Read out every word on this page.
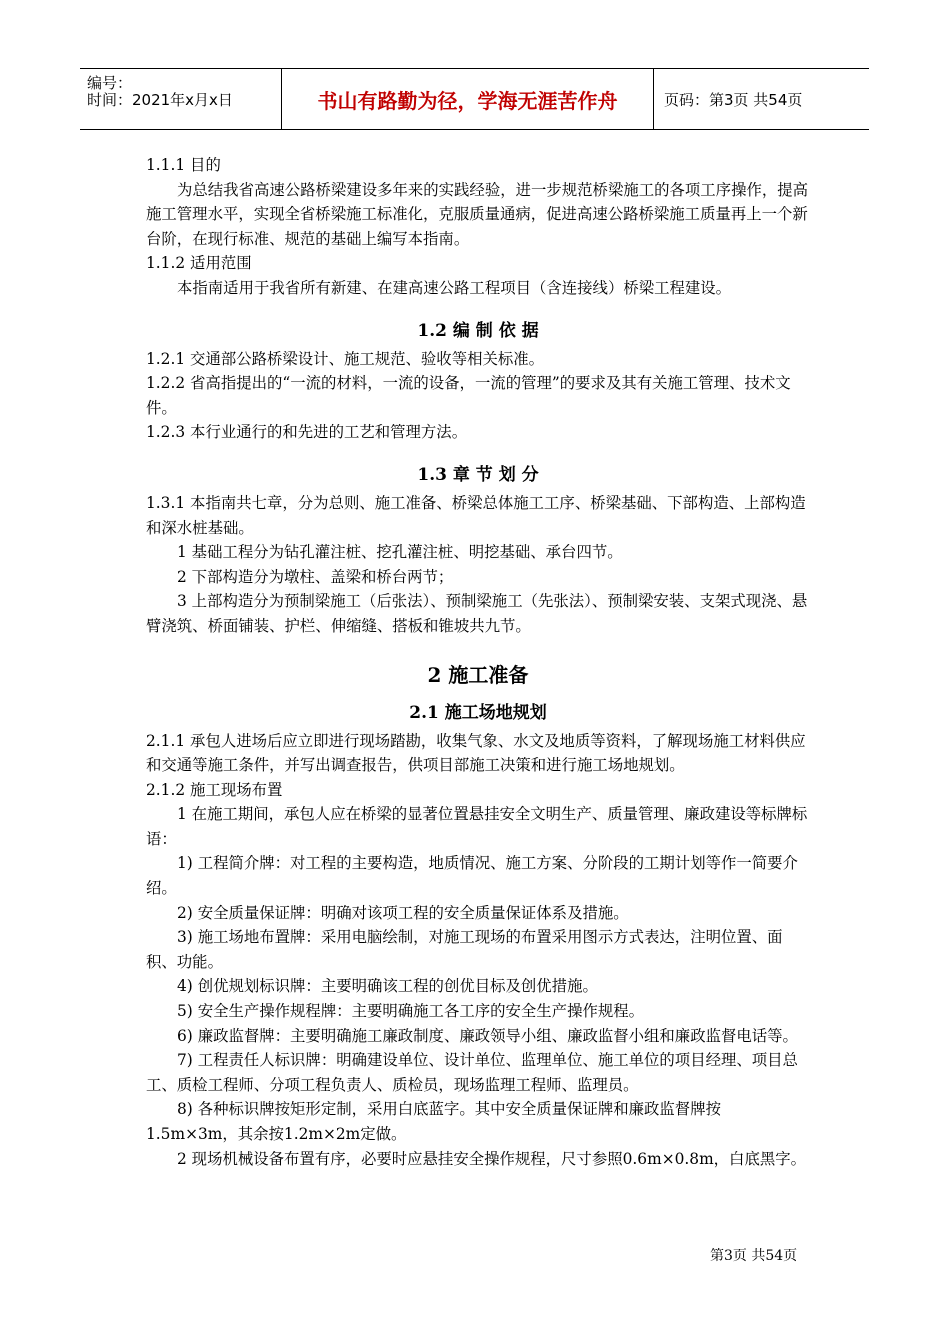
编号：
时间：2021年x月x日	书山有路勤为径，学海无涯苦作舟	页码：第3页 共54页

1.1.1 目的

为总结我省高速公路桥梁建设多年来的实践经验，进一步规范桥梁施工的各项工序操作，提高施工管理水平，实现全省桥梁施工标准化，克服质量通病，促进高速公路桥梁施工质量再上一个新台阶，在现行标准、规范的基础上编写本指南。

1.1.2 适用范围

本指南适用于我省所有新建、在建高速公路工程项目（含连接线）桥梁工程建设。

1.2 编 制 依 据

1.2.1 交通部公路桥梁设计、施工规范、验收等相关标准。

1.2.2 省高指提出的“一流的材料，一流的设备，一流的管理”的要求及其有关施工管理、技术文件。

1.2.3 本行业通行的和先进的工艺和管理方法。

1.3 章 节 划 分

1.3.1 本指南共七章，分为总则、施工准备、桥梁总体施工工序、桥梁基础、下部构造、上部构造和深水桩基础。

1 基础工程分为钻孔灌注桩、挖孔灌注桩、明挖基础、承台四节。

2 下部构造分为墩柱、盖梁和桥台两节；

3 上部构造分为预制梁施工（后张法）、预制梁施工（先张法）、预制梁安装、支架式现浇、悬臂浇筑、桥面铺装、护栏、伸缩缝、搭板和锥坡共九节。

2 施工准备

2.1 施工场地规划

2.1.1 承包人进场后应立即进行现场踏勘，收集气象、水文及地质等资料，了解现场施工材料供应和交通等施工条件，并写出调查报告，供项目部施工决策和进行施工场地规划。

2.1.2 施工现场布置

1 在施工期间，承包人应在桥梁的显著位置悬挂安全文明生产、质量管理、廉政建设等标牌标语：

1) 工程简介牌：对工程的主要构造，地质情况、施工方案、分阶段的工期计划等作一简要介绍。

2) 安全质量保证牌：明确对该项工程的安全质量保证体系及措施。

3) 施工场地布置牌：采用电脑绘制，对施工现场的布置采用图示方式表达，注明位置、面积、功能。

4) 创优规划标识牌：主要明确该工程的创优目标及创优措施。

5) 安全生产操作规程牌：主要明确施工各工序的安全生产操作规程。

6) 廉政监督牌：主要明确施工廉政制度、廉政领导小组、廉政监督小组和廉政监督电话等。

7) 工程责任人标识牌：明确建设单位、设计单位、监理单位、施工单位的项目经理、项目总工、质检工程师、分项工程负责人、质检员，现场监理工程师、监理员。

8) 各种标识牌按矩形定制，采用白底蓝字。其中安全质量保证牌和廉政监督牌按1.5m×3m，其余按1.2m×2m定做。

2 现场机械设备布置有序，必要时应悬挂安全操作规程，尺寸参照0.6m×0.8m，白底黑字。

第3页 共54页
